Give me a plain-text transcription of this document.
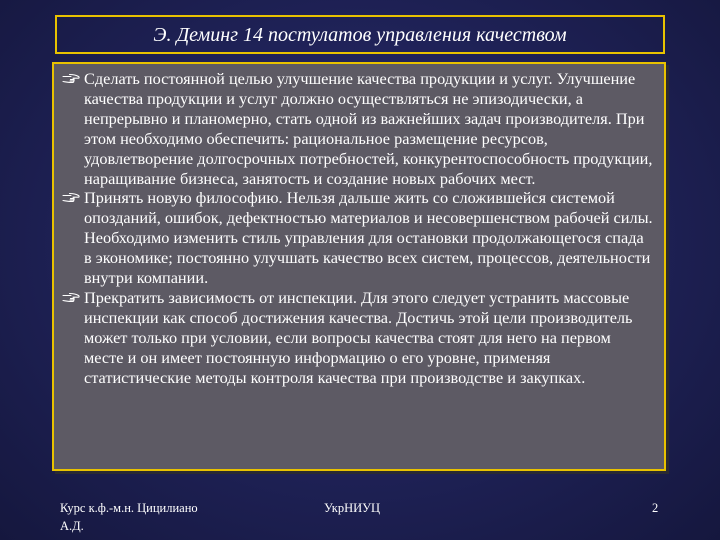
Э. Деминг 14 постулатов управления качеством
Сделать постоянной целью улучшение качества продукции и услуг. Улучшение качества продукции и услуг должно осуществляться не эпизодически, а непрерывно и планомерно, стать одной из важнейших задач производителя. При этом необходимо обеспечить: рациональное размещение ресурсов, удовлетворение долгосрочных потребностей, конкурентоспособность продукции, наращивание бизнеса, занятость и создание новых рабочих мест.
Принять новую философию. Нельзя дальше жить со сложившейся системой опозданий, ошибок, дефектностью материалов и несовершенством рабочей силы. Необходимо изменить стиль управления для остановки продолжающегося спада в экономике; постоянно улучшать качество всех систем, процессов, деятельности внутри компании.
Прекратить зависимость от инспекции. Для этого следует устранить массовые инспекции как способ достижения качества. Достичь этой цели производитель может только при условии, если вопросы качества стоят для него на первом месте и он имеет постоянную информацию о его уровне, применяя статистические методы контроля качества при производстве и закупках.
Курс к.ф.-м.н. Цицилиано А.Д.
УкрНИУЦ	2
